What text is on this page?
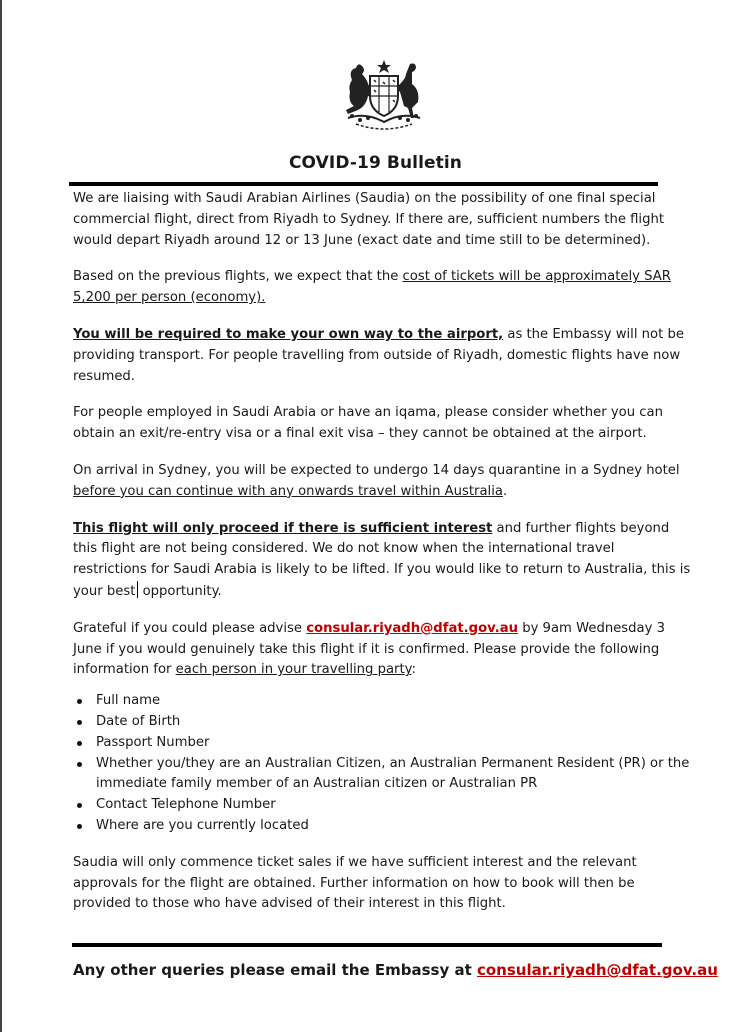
COVID-19 Bulletin

We are liaising with Saudi Arabian Airlines (Saudia) on the possibility of one final special commercial flight, direct from Riyadh to Sydney. If there are, sufficient numbers the flight would depart Riyadh around 12 or 13 June (exact date and time still to be determined).

Based on the previous flights, we expect that the cost of tickets will be approximately SAR 5,200 per person (economy).

You will be required to make your own way to the airport, as the Embassy will not be providing transport. For people travelling from outside of Riyadh, domestic flights have now resumed.

For people employed in Saudi Arabia or have an iqama, please consider whether you can obtain an exit/re-entry visa or a final exit visa – they cannot be obtained at the airport.

On arrival in Sydney, you will be expected to undergo 14 days quarantine in a Sydney hotel before you can continue with any onwards travel within Australia.

This flight will only proceed if there is sufficient interest and further flights beyond this flight are not being considered. We do not know when the international travel restrictions for Saudi Arabia is likely to be lifted. If you would like to return to Australia, this is your best opportunity.

Grateful if you could please advise consular.riyadh@dfat.gov.au by 9am Wednesday 3 June if you would genuinely take this flight if it is confirmed. Please provide the following information for each person in your travelling party:

Full name
Date of Birth
Passport Number
Whether you/they are an Australian Citizen, an Australian Permanent Resident (PR) or the immediate family member of an Australian citizen or Australian PR
Contact Telephone Number
Where are you currently located

Saudia will only commence ticket sales if we have sufficient interest and the relevant approvals for the flight are obtained. Further information on how to book will then be provided to those who have advised of their interest in this flight.

Any other queries please email the Embassy at consular.riyadh@dfat.gov.au
